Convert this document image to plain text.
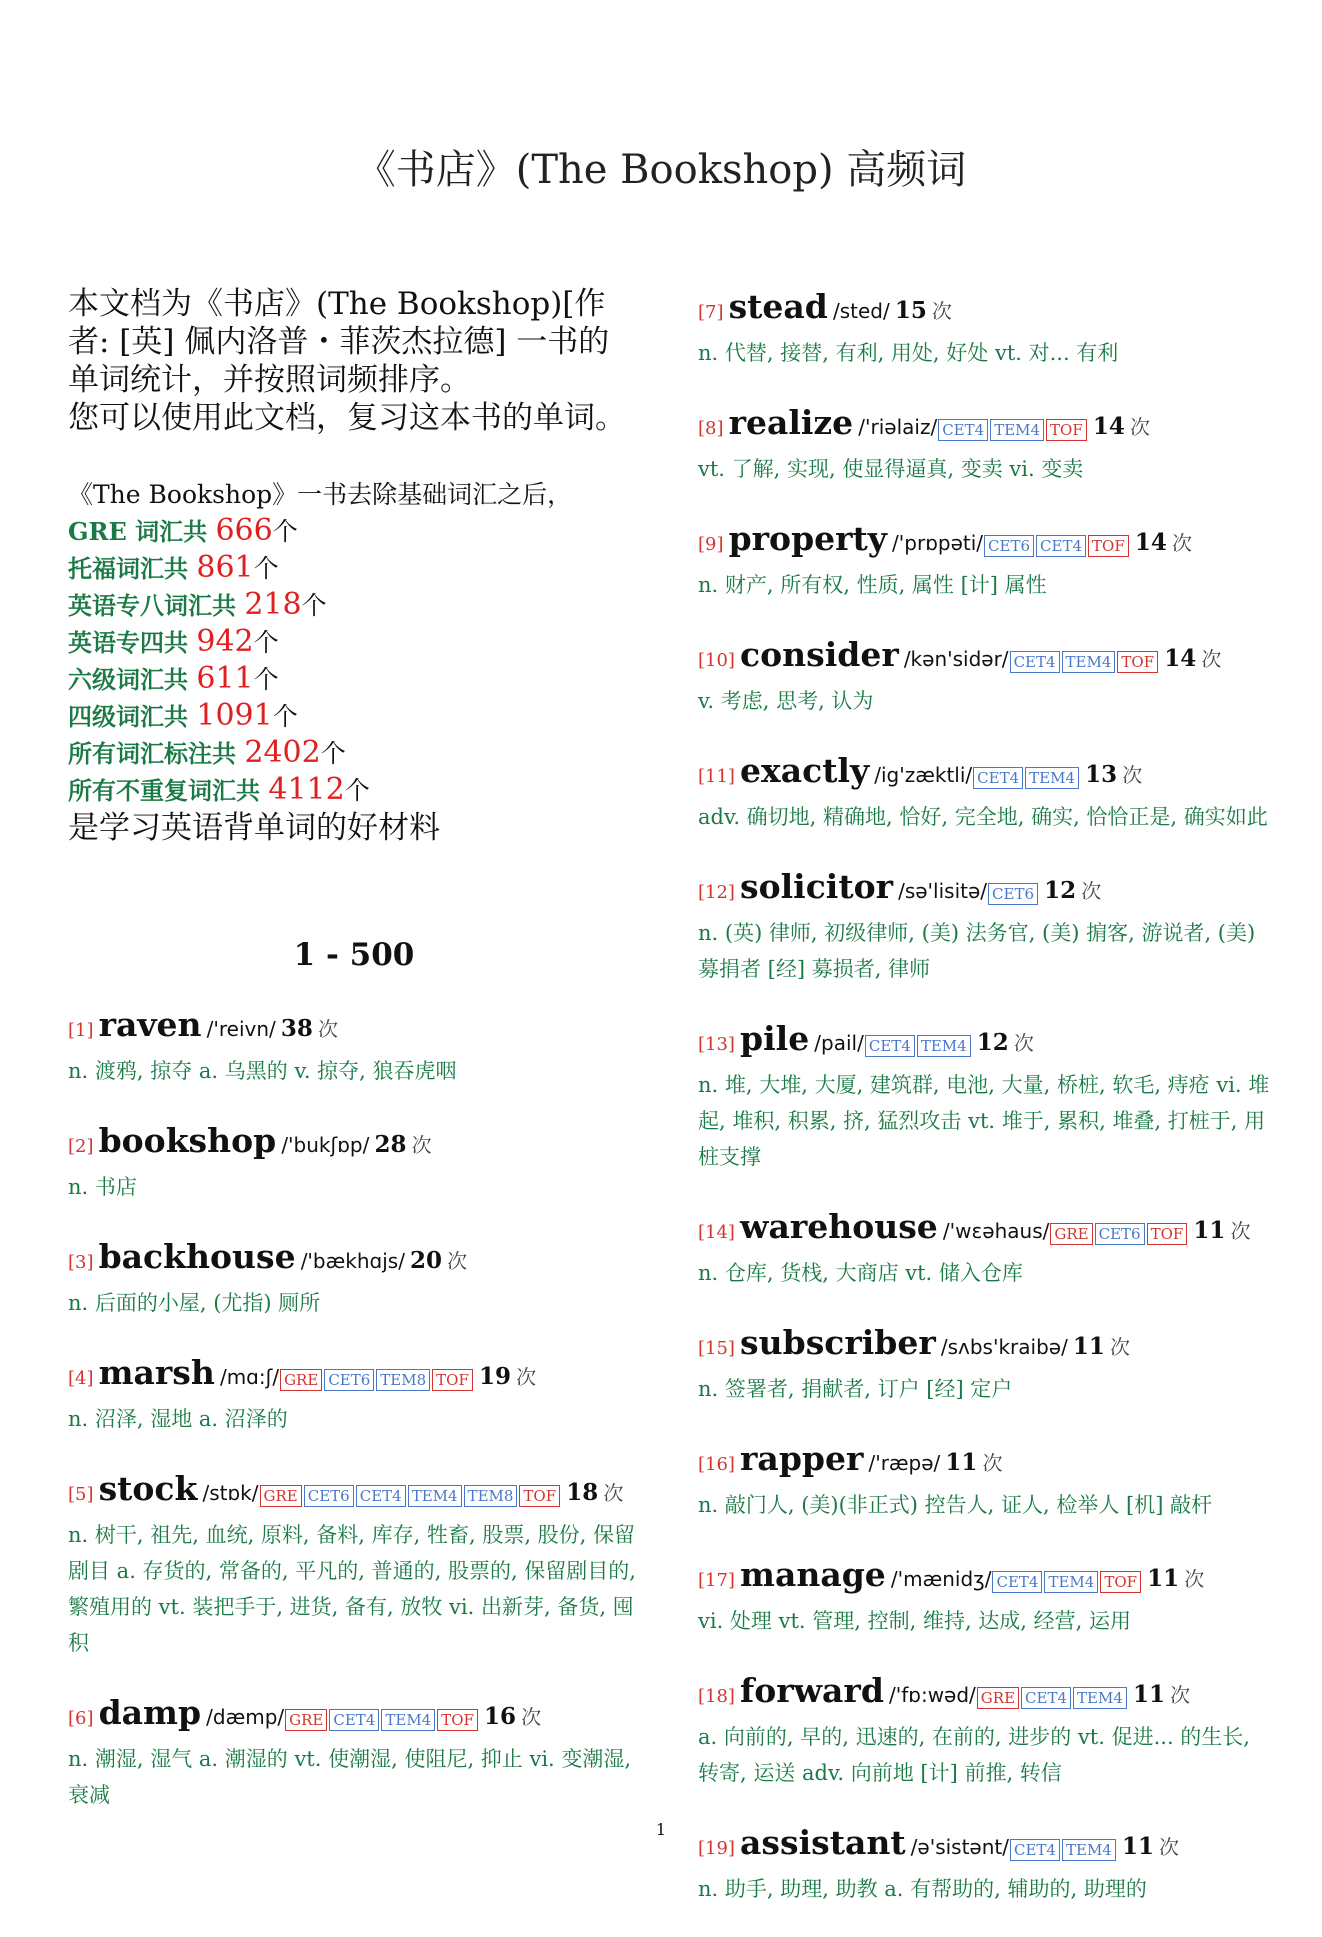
《书店》(The Bookshop) 高频词
本文档为《书店》(The Bookshop)[作者: [英] 佩内洛普・菲茨杰拉德] 一书的单词统计，并按照词频排序。
您可以使用此文档，复习这本书的单词。
《The Bookshop》一书去除基础词汇之后，
GRE 词汇共 666个
托福词汇共 861个
英语专八词汇共 218个
英语专四共 942个
六级词汇共 611个
四级词汇共 1091个
所有词汇标注共 2402个
所有不重复词汇共 4112个
是学习英语背单词的好材料
1 - 500
[1] raven /'reivn/ 38 次
n. 渡鸦, 掠夺 a. 乌黑的 v. 掠夺, 狼吞虎咽
[2] bookshop /'bukʃɒp/ 28 次
n. 书店
[3] backhouse /'bækhɑjs/ 20 次
n. 后面的小屋, (尤指) 厕所
[4] marsh /mɑ:ʃ/ GRE CET6 TEM8 TOF 19 次
n. 沼泽, 湿地 a. 沼泽的
[5] stock /stɒk/ GRE CET6 CET4 TEM4 TEM8 TOF 18 次
n. 树干, 祖先, 血统, 原料, 备料, 库存, 牲畜, 股票, 股份, 保留剧目 a. 存货的, 常备的, 平凡的, 普通的, 股票的, 保留剧目的, 繁殖用的 vt. 装把手于, 进货, 备有, 放牧 vi. 出新芽, 备货, 囤积
[6] damp /dæmp/ GRE CET4 TEM4 TOF 16 次
n. 潮湿, 湿气 a. 潮湿的 vt. 使潮湿, 使阻尼, 抑止 vi. 变潮湿, 衰减
[7] stead /sted/ 15 次
n. 代替, 接替, 有利, 用处, 好处 vt. 对... 有利
[8] realize /'riəlaiz/ CET4 TEM4 TOF 14 次
vt. 了解, 实现, 使显得逼真, 变卖 vi. 变卖
[9] property /'prɒpəti/ CET6 CET4 TOF 14 次
n. 财产, 所有权, 性质, 属性 [计] 属性
[10] consider /kən'sidər/ CET4 TEM4 TOF 14 次
v. 考虑, 思考, 认为
[11] exactly /ig'zæktli/ CET4 TEM4 13 次
adv. 确切地, 精确地, 恰好, 完全地, 确实, 恰恰正是, 确实如此
[12] solicitor /sə'lisitə/ CET6 12 次
n. (英) 律师, 初级律师, (美) 法务官, (美) 掮客, 游说者, (美) 募捐者 [经] 募损者, 律师
[13] pile /pail/ CET4 TEM4 12 次
n. 堆, 大堆, 大厦, 建筑群, 电池, 大量, 桥桩, 软毛, 痔疮 vi. 堆起, 堆积, 积累, 挤, 猛烈攻击 vt. 堆于, 累积, 堆叠, 打桩于, 用桩支撑
[14] warehouse /'wɛəhaus/ GRE CET6 TOF 11 次
n. 仓库, 货栈, 大商店 vt. 储入仓库
[15] subscriber /sʌbs'kraibə/ 11 次
n. 签署者, 捐献者, 订户 [经] 定户
[16] rapper /'ræpə/ 11 次
n. 敲门人, (美)(非正式) 控告人, 证人, 检举人 [机] 敲杆
[17] manage /'mænidʒ/ CET4 TEM4 TOF 11 次
vi. 处理 vt. 管理, 控制, 维持, 达成, 经营, 运用
[18] forward /'fɒ:wəd/ GRE CET4 TEM4 11 次
a. 向前的, 早的, 迅速的, 在前的, 进步的 vt. 促进... 的生长, 转寄, 运送 adv. 向前地 [计] 前推, 转信
[19] assistant /ə'sistənt/ CET4 TEM4 11 次
n. 助手, 助理, 助教 a. 有帮助的, 辅助的, 助理的
1
